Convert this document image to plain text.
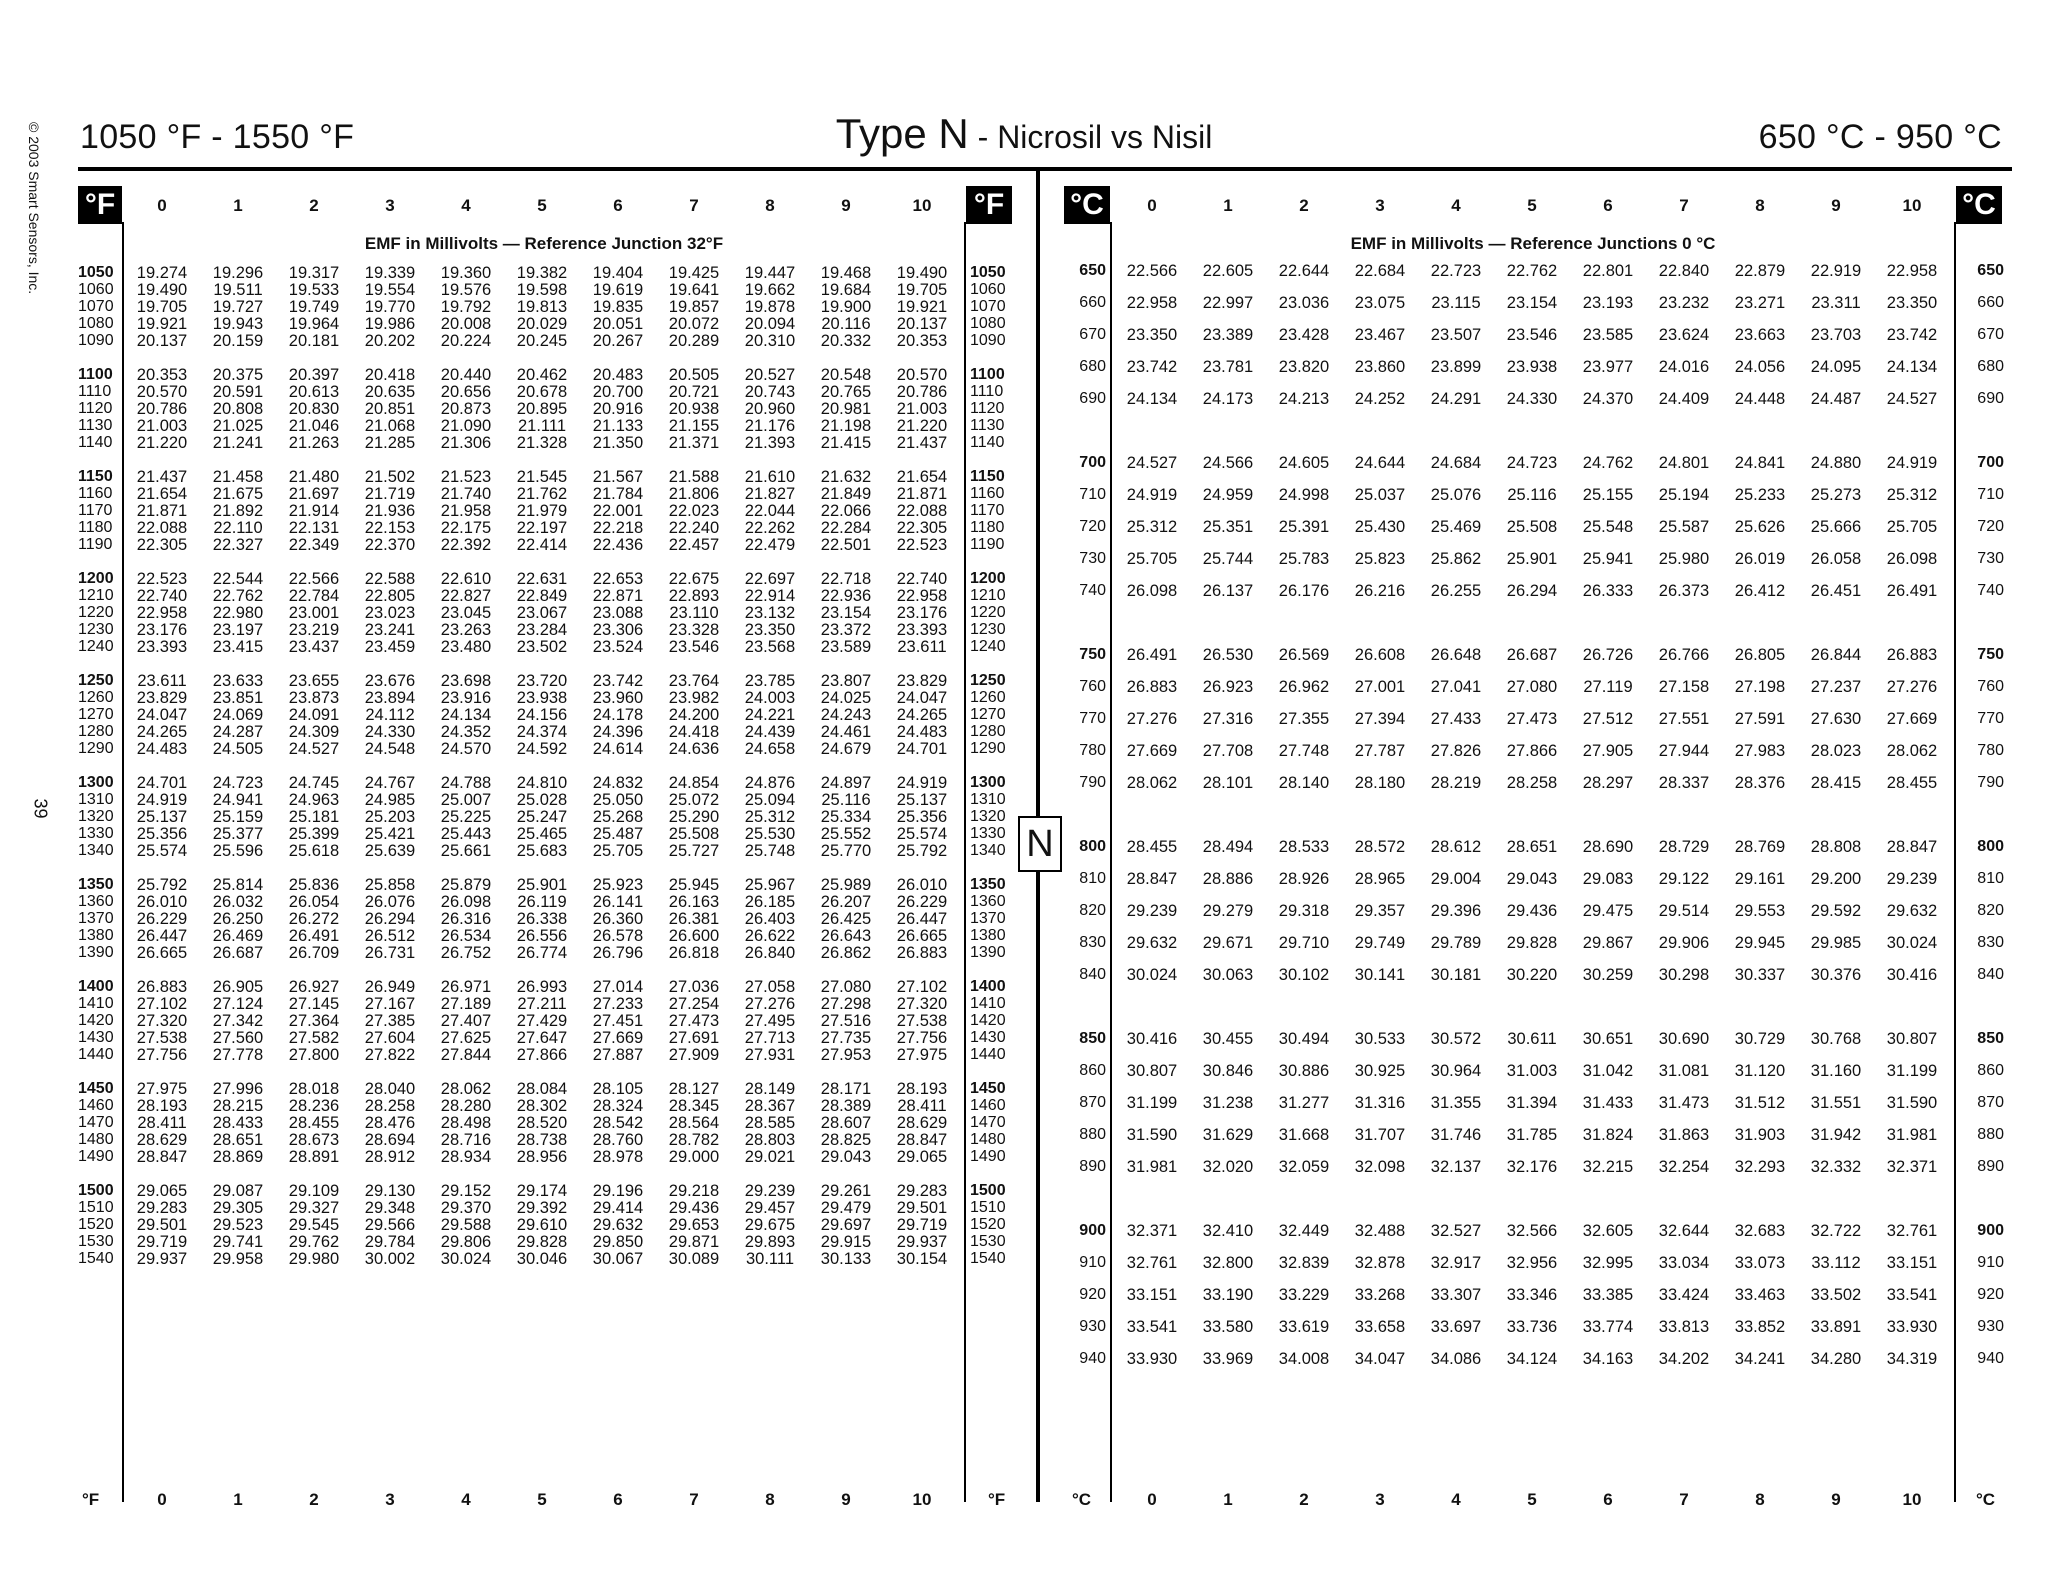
1050 °F - 1550 °F	Type N - Nicrosil vs Nisil	650 °C - 950 °C
© 2003 Smart Sensors, Inc.
39
°F	°F °C	°C
N
EMF in Millivolts — Reference Junction 32°F	EMF in Millivolts — Reference Junctions 0 °C
0	1	2	3	4	5	6	7	8	9	10	0	1	2	3	4	5	6	7	8	9	10
0	1	2	3	4	5	6	7	8	9	10	0	1	2	3	4	5	6	7	8	9	10
1050	19.274	19.296	19.317	19.339	19.360	19.382	19.404	19.425	19.447	19.468	19.490	1050
1060	19.490	19.511	19.533	19.554	19.576	19.598	19.619	19.641	19.662	19.684	19.705	1060
1070	19.705	19.727	19.749	19.770	19.792	19.813	19.835	19.857	19.878	19.900	19.921	1070
1080	19.921	19.943	19.964	19.986	20.008	20.029	20.051	20.072	20.094	20.116	20.137	1080
1090	20.137	20.159	20.181	20.202	20.224	20.245	20.267	20.289	20.310	20.332	20.353	1090
1100	20.353	20.375	20.397	20.418	20.440	20.462	20.483	20.505	20.527	20.548	20.570	1100
1110	20.570	20.591	20.613	20.635	20.656	20.678	20.700	20.721	20.743	20.765	20.786	1110
1120	20.786	20.808	20.830	20.851	20.873	20.895	20.916	20.938	20.960	20.981	21.003	1120
1130	21.003	21.025	21.046	21.068	21.090	21.111	21.133	21.155	21.176	21.198	21.220	1130
1140	21.220	21.241	21.263	21.285	21.306	21.328	21.350	21.371	21.393	21.415	21.437	1140
1150	21.437	21.458	21.480	21.502	21.523	21.545	21.567	21.588	21.610	21.632	21.654	1150
1160	21.654	21.675	21.697	21.719	21.740	21.762	21.784	21.806	21.827	21.849	21.871	1160
1170	21.871	21.892	21.914	21.936	21.958	21.979	22.001	22.023	22.044	22.066	22.088	1170
1180	22.088	22.110	22.131	22.153	22.175	22.197	22.218	22.240	22.262	22.284	22.305	1180
1190	22.305	22.327	22.349	22.370	22.392	22.414	22.436	22.457	22.479	22.501	22.523	1190
1200	22.523	22.544	22.566	22.588	22.610	22.631	22.653	22.675	22.697	22.718	22.740	1200
1210	22.740	22.762	22.784	22.805	22.827	22.849	22.871	22.893	22.914	22.936	22.958	1210
1220	22.958	22.980	23.001	23.023	23.045	23.067	23.088	23.110	23.132	23.154	23.176	1220
1230	23.176	23.197	23.219	23.241	23.263	23.284	23.306	23.328	23.350	23.372	23.393	1230
1240	23.393	23.415	23.437	23.459	23.480	23.502	23.524	23.546	23.568	23.589	23.611	1240
1250	23.611	23.633	23.655	23.676	23.698	23.720	23.742	23.764	23.785	23.807	23.829	1250
1260	23.829	23.851	23.873	23.894	23.916	23.938	23.960	23.982	24.003	24.025	24.047	1260
1270	24.047	24.069	24.091	24.112	24.134	24.156	24.178	24.200	24.221	24.243	24.265	1270
1280	24.265	24.287	24.309	24.330	24.352	24.374	24.396	24.418	24.439	24.461	24.483	1280
1290	24.483	24.505	24.527	24.548	24.570	24.592	24.614	24.636	24.658	24.679	24.701	1290
1300	24.701	24.723	24.745	24.767	24.788	24.810	24.832	24.854	24.876	24.897	24.919	1300
1310	24.919	24.941	24.963	24.985	25.007	25.028	25.050	25.072	25.094	25.116	25.137	1310
1320	25.137	25.159	25.181	25.203	25.225	25.247	25.268	25.290	25.312	25.334	25.356	1320
1330	25.356	25.377	25.399	25.421	25.443	25.465	25.487	25.508	25.530	25.552	25.574	1330
1340	25.574	25.596	25.618	25.639	25.661	25.683	25.705	25.727	25.748	25.770	25.792	1340
1350	25.792	25.814	25.836	25.858	25.879	25.901	25.923	25.945	25.967	25.989	26.010	1350
1360	26.010	26.032	26.054	26.076	26.098	26.119	26.141	26.163	26.185	26.207	26.229	1360
1370	26.229	26.250	26.272	26.294	26.316	26.338	26.360	26.381	26.403	26.425	26.447	1370
1380	26.447	26.469	26.491	26.512	26.534	26.556	26.578	26.600	26.622	26.643	26.665	1380
1390	26.665	26.687	26.709	26.731	26.752	26.774	26.796	26.818	26.840	26.862	26.883	1390
1400	26.883	26.905	26.927	26.949	26.971	26.993	27.014	27.036	27.058	27.080	27.102	1400
1410	27.102	27.124	27.145	27.167	27.189	27.211	27.233	27.254	27.276	27.298	27.320	1410
1420	27.320	27.342	27.364	27.385	27.407	27.429	27.451	27.473	27.495	27.516	27.538	1420
1430	27.538	27.560	27.582	27.604	27.625	27.647	27.669	27.691	27.713	27.735	27.756	1430
1440	27.756	27.778	27.800	27.822	27.844	27.866	27.887	27.909	27.931	27.953	27.975	1440
1450	27.975	27.996	28.018	28.040	28.062	28.084	28.105	28.127	28.149	28.171	28.193	1450
1460	28.193	28.215	28.236	28.258	28.280	28.302	28.324	28.345	28.367	28.389	28.411	1460
1470	28.411	28.433	28.455	28.476	28.498	28.520	28.542	28.564	28.585	28.607	28.629	1470
1480	28.629	28.651	28.673	28.694	28.716	28.738	28.760	28.782	28.803	28.825	28.847	1480
1490	28.847	28.869	28.891	28.912	28.934	28.956	28.978	29.000	29.021	29.043	29.065	1490
1500	29.065	29.087	29.109	29.130	29.152	29.174	29.196	29.218	29.239	29.261	29.283	1500
1510	29.283	29.305	29.327	29.348	29.370	29.392	29.414	29.436	29.457	29.479	29.501	1510
1520	29.501	29.523	29.545	29.566	29.588	29.610	29.632	29.653	29.675	29.697	29.719	1520
1530	29.719	29.741	29.762	29.784	29.806	29.828	29.850	29.871	29.893	29.915	29.937	1530
1540	29.937	29.958	29.980	30.002	30.024	30.046	30.067	30.089	30.111	30.133	30.154	1540
650	22.566	22.605	22.644	22.684	22.723	22.762	22.801	22.840	22.879	22.919	22.958	650
660	22.958	22.997	23.036	23.075	23.115	23.154	23.193	23.232	23.271	23.311	23.350	660
670	23.350	23.389	23.428	23.467	23.507	23.546	23.585	23.624	23.663	23.703	23.742	670
680	23.742	23.781	23.820	23.860	23.899	23.938	23.977	24.016	24.056	24.095	24.134	680
690	24.134	24.173	24.213	24.252	24.291	24.330	24.370	24.409	24.448	24.487	24.527	690
700	24.527	24.566	24.605	24.644	24.684	24.723	24.762	24.801	24.841	24.880	24.919	700
710	24.919	24.959	24.998	25.037	25.076	25.116	25.155	25.194	25.233	25.273	25.312	710
720	25.312	25.351	25.391	25.430	25.469	25.508	25.548	25.587	25.626	25.666	25.705	720
730	25.705	25.744	25.783	25.823	25.862	25.901	25.941	25.980	26.019	26.058	26.098	730
740	26.098	26.137	26.176	26.216	26.255	26.294	26.333	26.373	26.412	26.451	26.491	740
750	26.491	26.530	26.569	26.608	26.648	26.687	26.726	26.766	26.805	26.844	26.883	750
760	26.883	26.923	26.962	27.001	27.041	27.080	27.119	27.158	27.198	27.237	27.276	760
770	27.276	27.316	27.355	27.394	27.433	27.473	27.512	27.551	27.591	27.630	27.669	770
780	27.669	27.708	27.748	27.787	27.826	27.866	27.905	27.944	27.983	28.023	28.062	780
790	28.062	28.101	28.140	28.180	28.219	28.258	28.297	28.337	28.376	28.415	28.455	790
800	28.455	28.494	28.533	28.572	28.612	28.651	28.690	28.729	28.769	28.808	28.847	800
810	28.847	28.886	28.926	28.965	29.004	29.043	29.083	29.122	29.161	29.200	29.239	810
820	29.239	29.279	29.318	29.357	29.396	29.436	29.475	29.514	29.553	29.592	29.632	820
830	29.632	29.671	29.710	29.749	29.789	29.828	29.867	29.906	29.945	29.985	30.024	830
840	30.024	30.063	30.102	30.141	30.181	30.220	30.259	30.298	30.337	30.376	30.416	840
850	30.416	30.455	30.494	30.533	30.572	30.611	30.651	30.690	30.729	30.768	30.807	850
860	30.807	30.846	30.886	30.925	30.964	31.003	31.042	31.081	31.120	31.160	31.199	860
870	31.199	31.238	31.277	31.316	31.355	31.394	31.433	31.473	31.512	31.551	31.590	870
880	31.590	31.629	31.668	31.707	31.746	31.785	31.824	31.863	31.903	31.942	31.981	880
890	31.981	32.020	32.059	32.098	32.137	32.176	32.215	32.254	32.293	32.332	32.371	890
900	32.371	32.410	32.449	32.488	32.527	32.566	32.605	32.644	32.683	32.722	32.761	900
910	32.761	32.800	32.839	32.878	32.917	32.956	32.995	33.034	33.073	33.112	33.151	910
920	33.151	33.190	33.229	33.268	33.307	33.346	33.385	33.424	33.463	33.502	33.541	920
930	33.541	33.580	33.619	33.658	33.697	33.736	33.774	33.813	33.852	33.891	33.930	930
940	33.930	33.969	34.008	34.047	34.086	34.124	34.163	34.202	34.241	34.280	34.319	940
°F	°F	°C	°C
